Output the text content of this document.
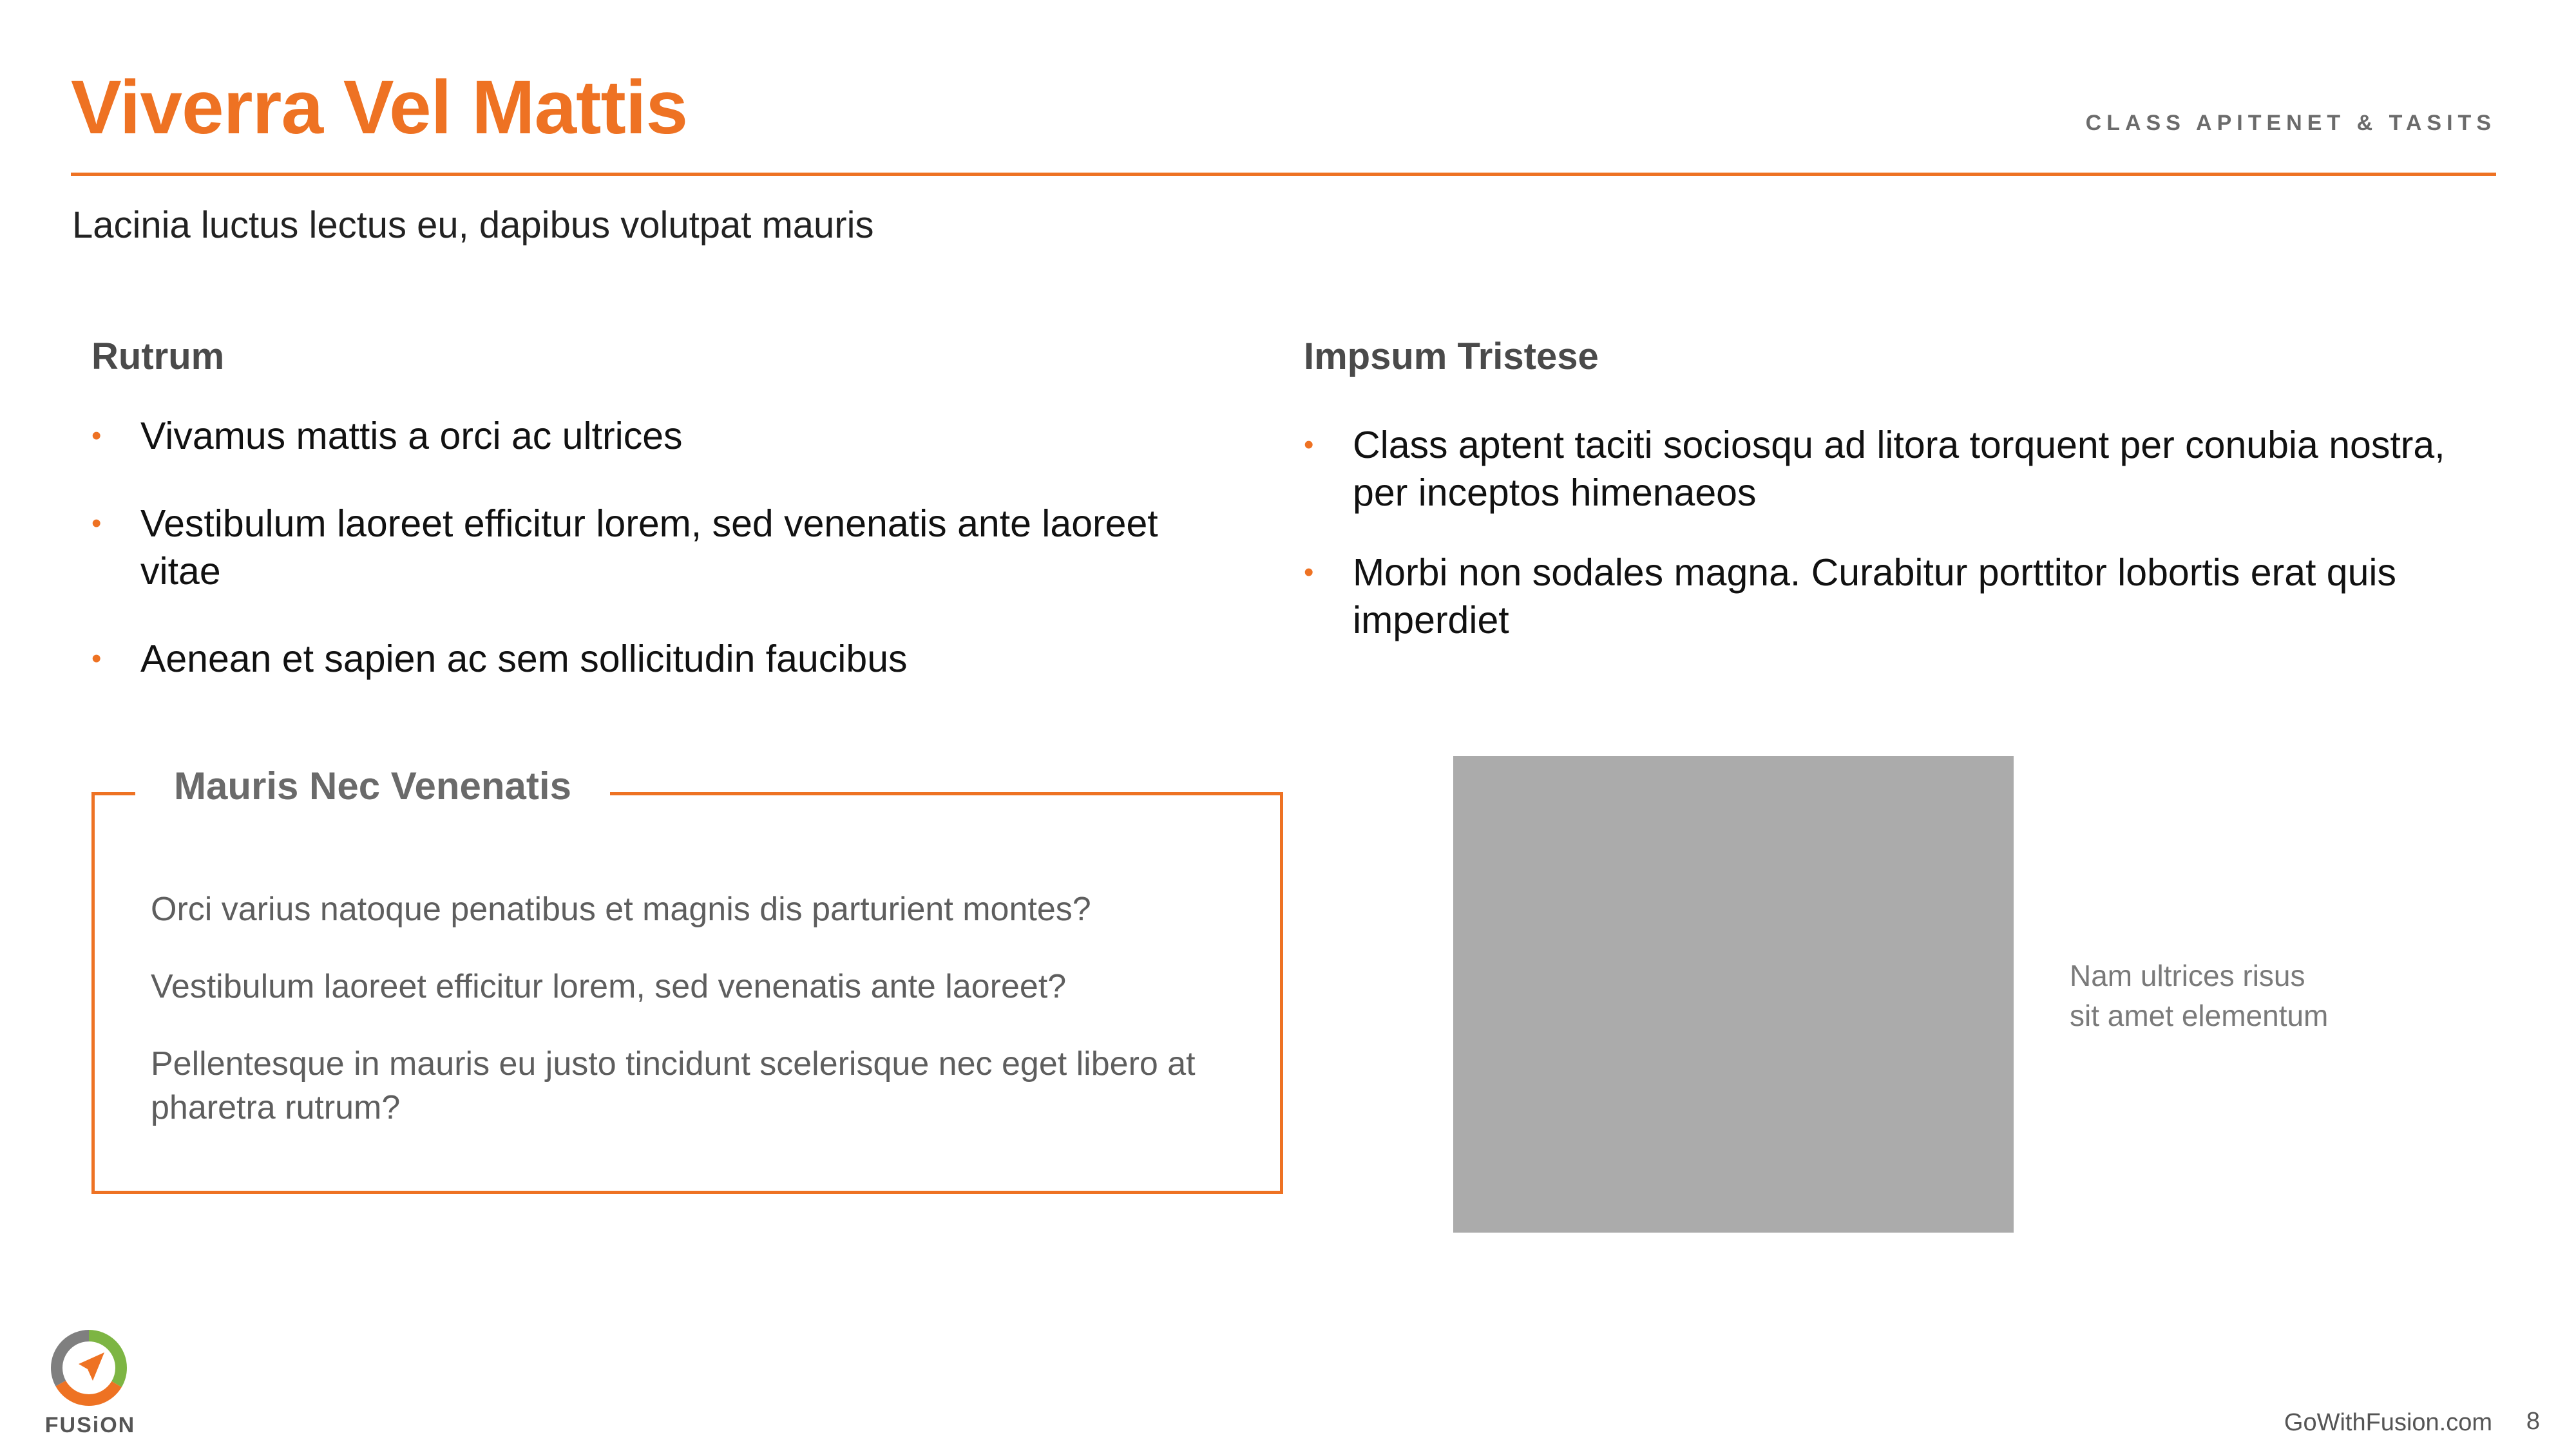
Viverra Vel Mattis	CLASS APITENET & TASITS
Lacinia luctus lectus eu, dapibus volutpat mauris
Rutrum
• Vivamus mattis a orci ac ultrices
• Vestibulum laoreet efficitur lorem, sed venenatis ante laoreet vitae
• Aenean et sapien ac sem sollicitudin faucibus
Impsum Tristese
• Class aptent taciti sociosqu ad litora torquent per conubia nostra, per inceptos himenaeos
• Morbi non sodales magna. Curabitur porttitor lobortis erat quis imperdiet
Mauris Nec Venenatis
Orci varius natoque penatibus et magnis dis parturient montes?
Vestibulum laoreet efficitur lorem, sed venenatis ante laoreet?
Pellentesque in mauris eu justo tincidunt scelerisque nec eget libero at pharetra rutrum?
Nam ultrices risus
sit amet elementum
FUSiON	GoWithFusion.com 8
